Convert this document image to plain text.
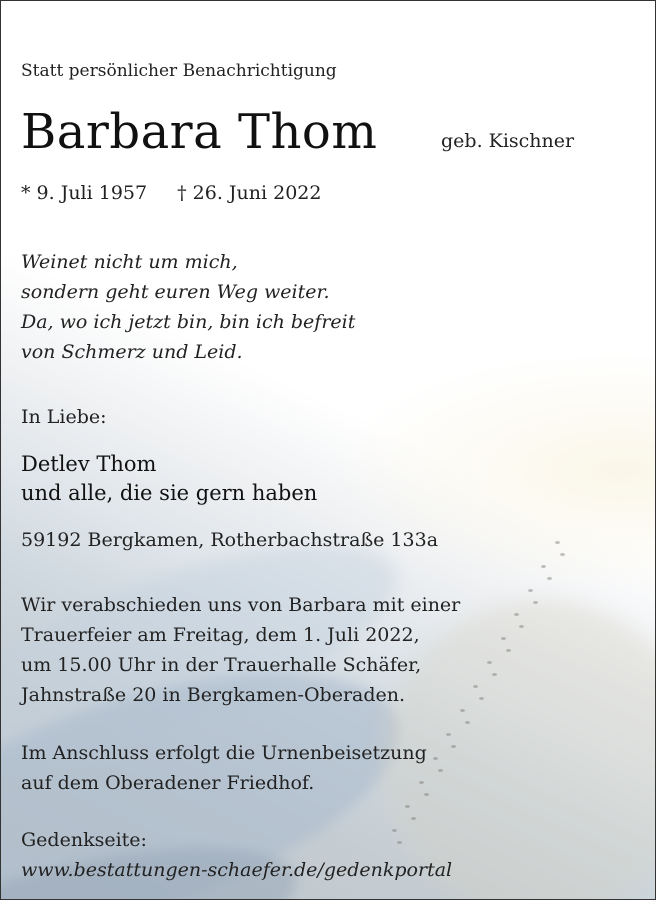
Statt persönlicher Benachrichtigung
Barbara Thom	geb. Kischner
* 9. Juli 1957 † 26. Juni 2022
Weinet nicht um mich,
sondern geht euren Weg weiter.
Da, wo ich jetzt bin, bin ich befreit
von Schmerz und Leid.
In Liebe:
Detlev Thom
und alle, die sie gern haben
59192 Bergkamen, Rotherbachstraße 133a
Wir verabschieden uns von Barbara mit einer
Trauerfeier am Freitag, dem 1. Juli 2022,
um 15.00 Uhr in der Trauerhalle Schäfer,
Jahnstraße 20 in Bergkamen-Oberaden.
Im Anschluss erfolgt die Urnenbeisetzung
auf dem Oberadener Friedhof.
Gedenkseite:
www.bestattungen-schaefer.de/gedenkportal
